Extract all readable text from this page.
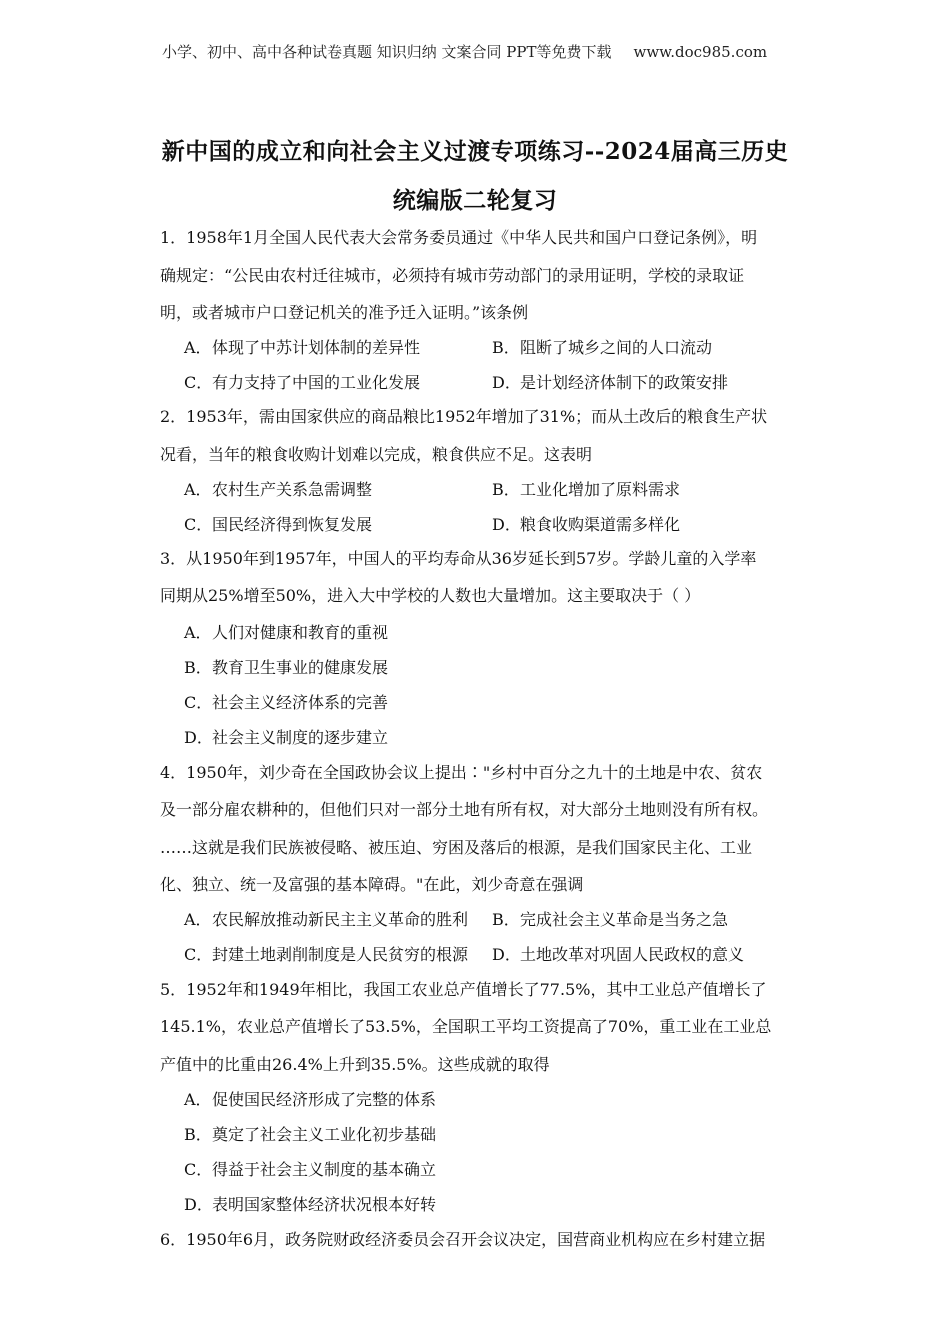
小学、初中、高中各种试卷真题 知识归纳 文案合同 PPT等免费下载 www.doc985.com
新中国的成立和向社会主义过渡专项练习--2024届高三历史
统编版二轮复习
1．1958年1月全国人民代表大会常务委员通过《中华人民共和国户口登记条例》，明
确规定：“公民由农村迁往城市，必须持有城市劳动部门的录用证明，学校的录取证
明，或者城市户口登记机关的准予迁入证明。”该条例
A．体现了中苏计划体制的差异性	B．阻断了城乡之间的人口流动
C．有力支持了中国的工业化发展	D．是计划经济体制下的政策安排
2．1953年，需由国家供应的商品粮比1952年增加了31%；而从土改后的粮食生产状
况看，当年的粮食收购计划难以完成，粮食供应不足。这表明
A．农村生产关系急需调整	B．工业化增加了原料需求
C．国民经济得到恢复发展	D．粮食收购渠道需多样化
3．从1950年到1957年，中国人的平均寿命从36岁延长到57岁。学龄儿童的入学率
同期从25%增至50%，进入大中学校的人数也大量增加。这主要取决于（ ）
A．人们对健康和教育的重视
B．教育卫生事业的健康发展
C．社会主义经济体系的完善
D．社会主义制度的逐步建立
4．1950年，刘少奇在全国政协会议上提出∶"乡村中百分之九十的土地是中农、贫农
及一部分雇农耕种的，但他们只对一部分土地有所有权，对大部分土地则没有所有权。
……这就是我们民族被侵略、被压迫、穷困及落后的根源，是我们国家民主化、工业
化、独立、统一及富强的基本障碍。"在此，刘少奇意在强调
A．农民解放推动新民主主义革命的胜利 B．完成社会主义革命是当务之急
C．封建土地剥削制度是人民贫穷的根源 D．土地改革对巩固人民政权的意义
5．1952年和1949年相比，我国工农业总产值增长了77.5%，其中工业总产值增长了
145.1%，农业总产值增长了53.5%，全国职工平均工资提高了70%，重工业在工业总
产值中的比重由26.4%上升到35.5%。这些成就的取得
A．促使国民经济形成了完整的体系
B．奠定了社会主义工业化初步基础
C．得益于社会主义制度的基本确立
D．表明国家整体经济状况根本好转
6．1950年6月，政务院财政经济委员会召开会议决定，国营商业机构应在乡村建立据
